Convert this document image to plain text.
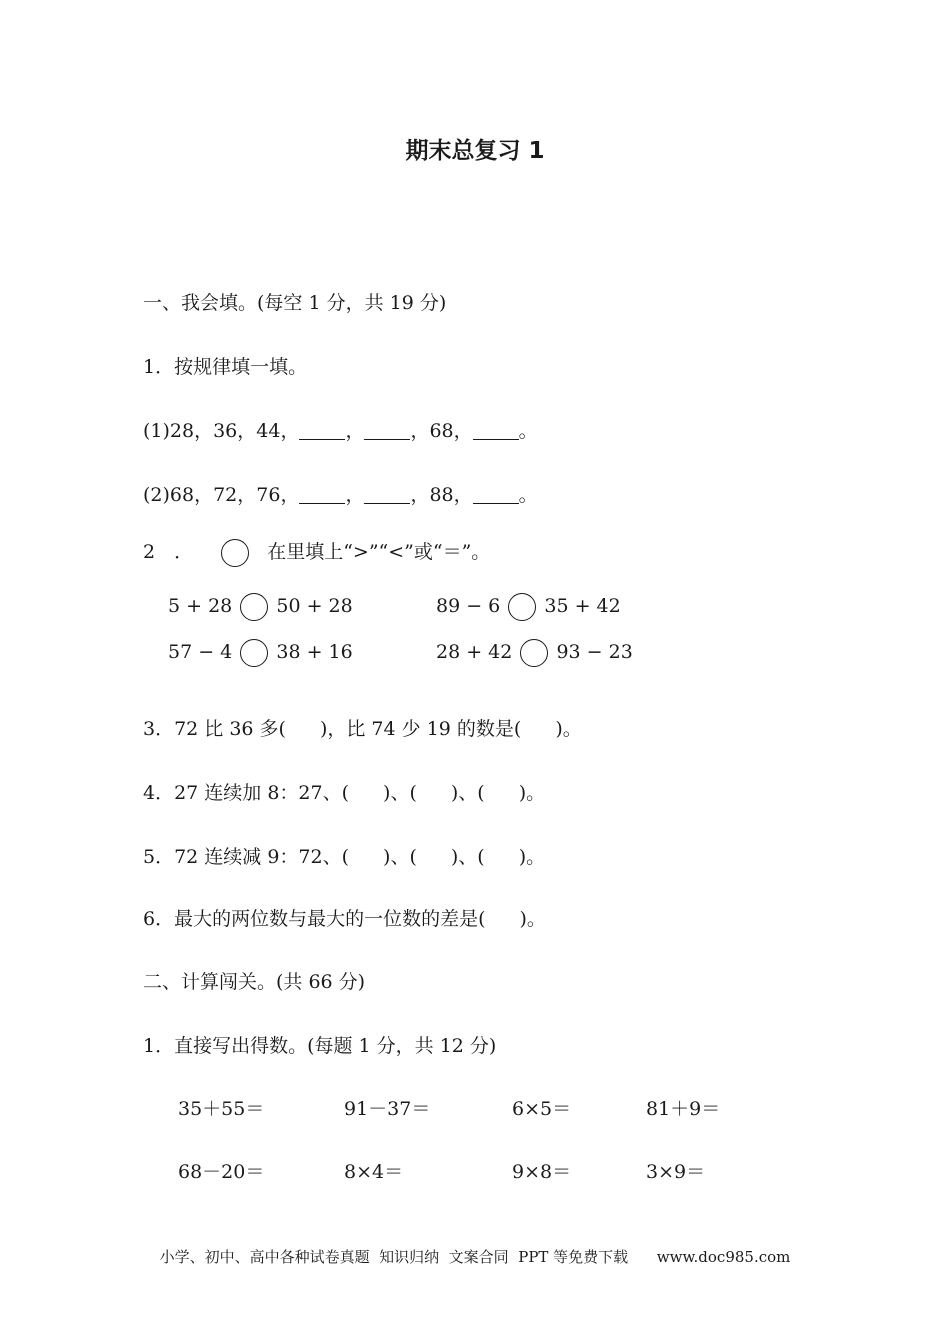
期末总复习 1
一、我会填。(每空 1 分，共 19 分)
1．按规律填一填。
(1)28，36，44， ， ，68， 。
(2)68，72，76， ， ，88， 。
2　．	在里填上“>”“<”或“＝”。
5 + 28 50 + 28	89 − 6 35 + 42
57 − 4 38 + 16	28 + 42 93 − 23
3．72 比 36 多( )，比 74 少 19 的数是( )。
4．27 连续加 8：27、( )、( )、( )。
5．72 连续减 9：72、( )、( )、( )。
6．最大的两位数与最大的一位数的差是( )。
二、计算闯关。(共 66 分)
1．直接写出得数。(每题 1 分，共 12 分)
35＋55＝	91－37＝	6×5＝	81＋9＝
68－20＝	8×4＝	9×8＝	3×9＝
小学、初中、高中各种试卷真题  知识归纳  文案合同  PPT 等免费下载      www.doc985.com
